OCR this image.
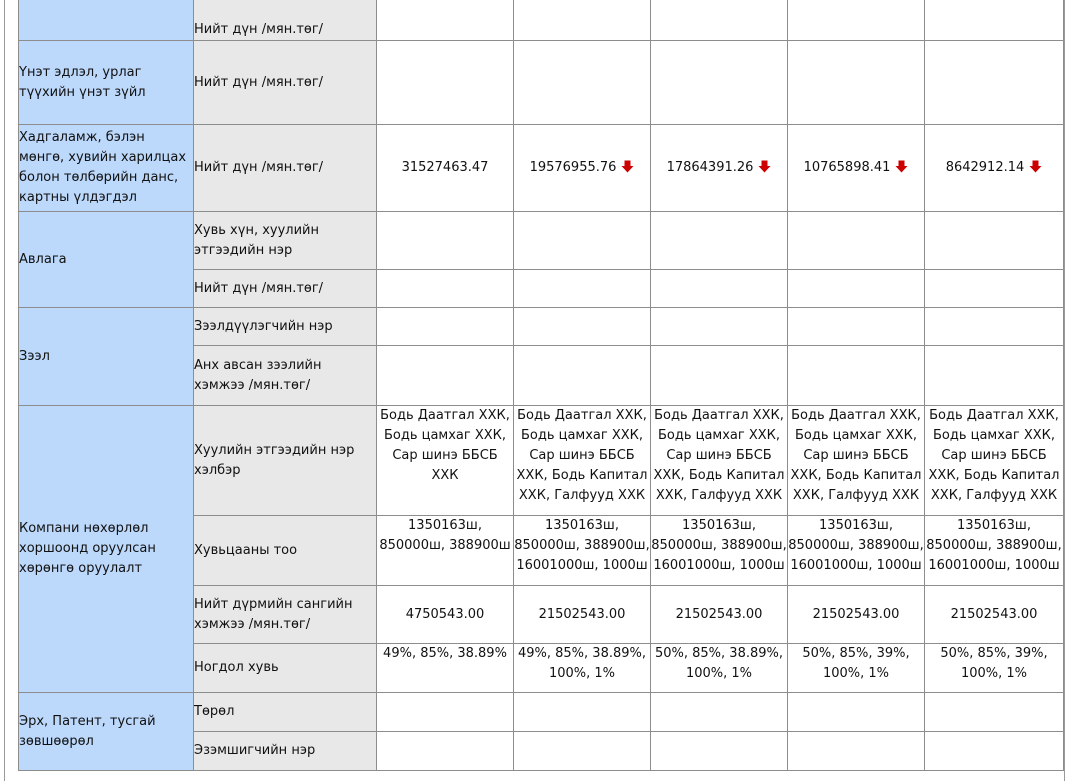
	Нийт дүн /мян.төг/					
Үнэт эдлэл, урлаг түүхийн үнэт зүйл	Нийт дүн /мян.төг/					
Хадгаламж, бэлэн мөнгө, хувийн харилцах болон төлбөрийн данс, картны үлдэгдэл	Нийт дүн /мян.төг/	31527463.47	19576955.76	17864391.26	10765898.41	8642912.14
Авлага	Хувь хүн, хуулийн этгээдийн нэр					
	Нийт дүн /мян.төг/					
Зээл	Зээлдүүлэгчийн нэр					
	Анх авсан зээлийн хэмжээ /мян.төг/					
Компани нөхөрлөл хоршоонд оруулсан хөрөнгө оруулалт	Хуулийн этгээдийн нэр хэлбэр	Бодь Даатгал ХХК, Бодь цамхаг ХХК, Сар шинэ ББСБ ХХК	Бодь Даатгал ХХК, Бодь цамхаг ХХК, Сар шинэ ББСБ ХХК, Бодь Капитал ХХК, Галфууд ХХК	Бодь Даатгал ХХК, Бодь цамхаг ХХК, Сар шинэ ББСБ ХХК, Бодь Капитал ХХК, Галфууд ХХК	Бодь Даатгал ХХК, Бодь цамхаг ХХК, Сар шинэ ББСБ ХХК, Бодь Капитал ХХК, Галфууд ХХК	Бодь Даатгал ХХК, Бодь цамхаг ХХК, Сар шинэ ББСБ ХХК, Бодь Капитал ХХК, Галфууд ХХК
	Хувьцааны тоо	1350163ш, 850000ш, 388900ш	1350163ш, 850000ш, 388900ш, 16001000ш, 1000ш	1350163ш, 850000ш, 388900ш, 16001000ш, 1000ш	1350163ш, 850000ш, 388900ш, 16001000ш, 1000ш	1350163ш, 850000ш, 388900ш, 16001000ш, 1000ш
	Нийт дүрмийн сангийн хэмжээ /мян.төг/	4750543.00	21502543.00	21502543.00	21502543.00	21502543.00
	Ногдол хувь	49%, 85%, 38.89%	49%, 85%, 38.89%, 100%, 1%	50%, 85%, 38.89%, 100%, 1%	50%, 85%, 39%, 100%, 1%	50%, 85%, 39%, 100%, 1%
Эрх, Патент, тусгай зөвшөөрөл	Төрөл					
	Эзэмшигчийн нэр					
